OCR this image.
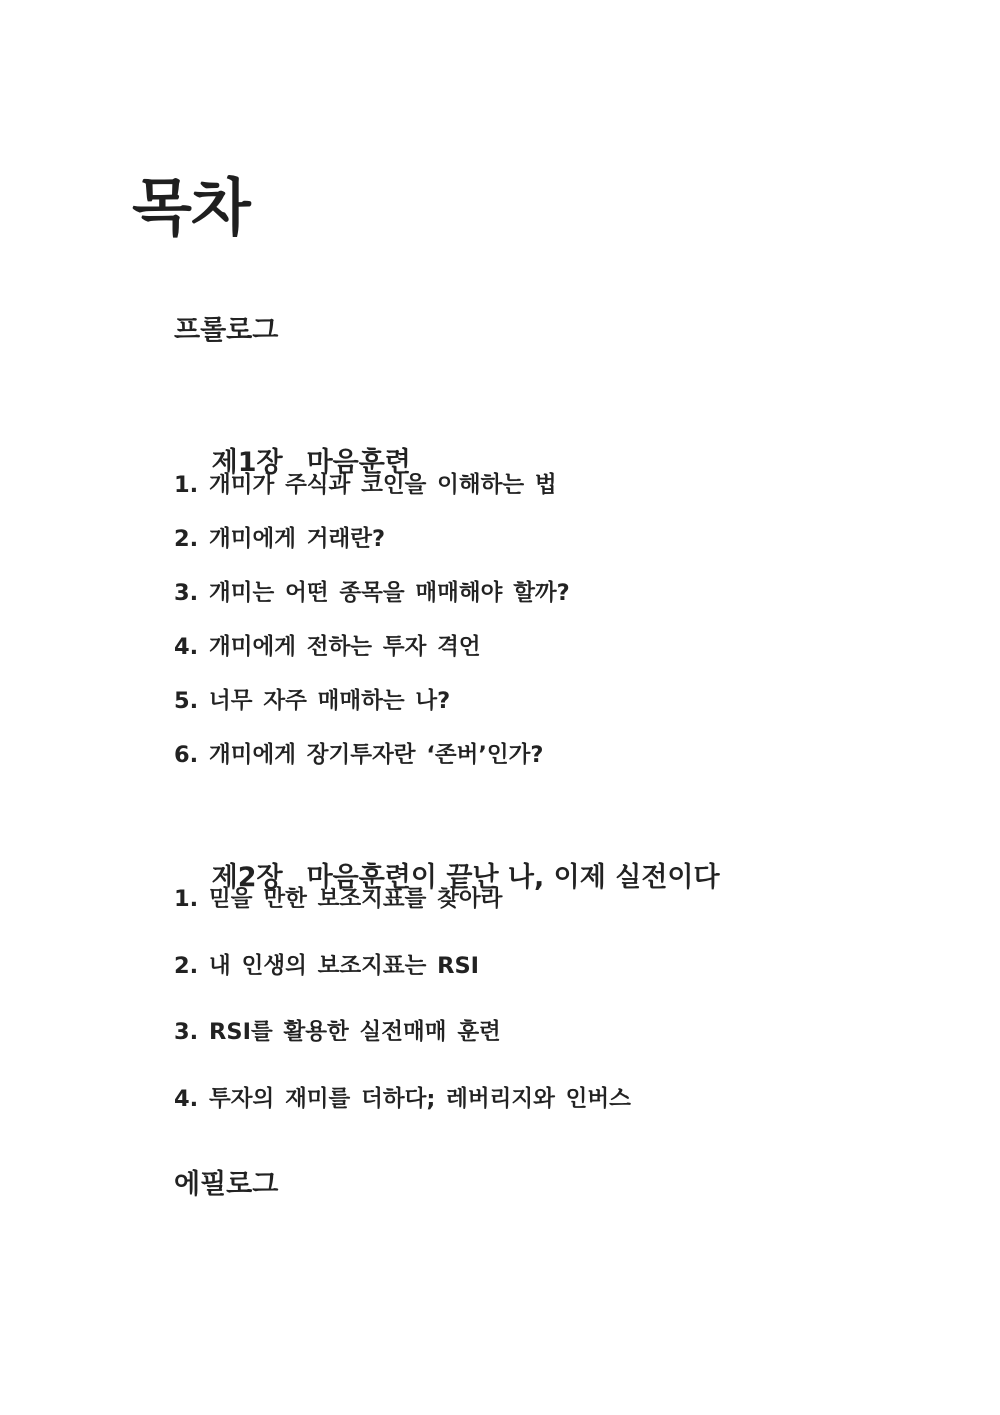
목차
프롤로그

제1장 마음훈련

1. 개미가 주식과 코인을 이해하는 법
2. 개미에게 거래란?
3. 개미는 어떤 종목을 매매해야 할까?
4. 개미에게 전하는 투자 격언
5. 너무 자주 매매하는 나?
6. 개미에게 장기투자란 ‘존버’인가?

제2장 마음훈련이 끝난 나, 이제 실전이다

1. 믿을 만한 보조지표를 찾아라
2. 내 인생의 보조지표는 RSI
3. RSI를 활용한 실전매매 훈련
4. 투자의 재미를 더하다; 레버리지와 인버스
에필로그
